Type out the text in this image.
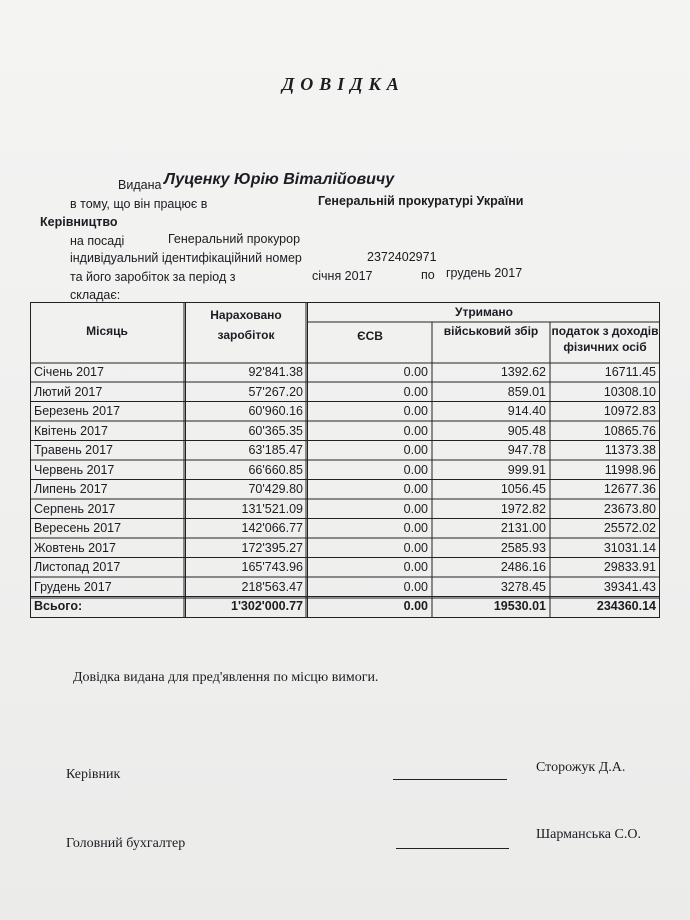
ДОВІДКА
Видана Луценку Юрію Віталійовичу
в тому, що він працює в	Генеральній прокуратурі України
Керівництво
на посаді	Генеральний прокурор
індивідуальний ідентифікаційний номер	2372402971
та його заробіток за період з	січня 2017	по грудень 2017
складає:
Місяць
Нараховано
заробіток
Утримано
ЄСВ	військовий збір	податок з доходів
фізичних осіб
Січень 2017	92'841.38	0.00	1392.62	16711.45
Лютий 2017	57'267.20	0.00	859.01	10308.10
Березень 2017	60'960.16	0.00	914.40	10972.83
Квітень 2017	60'365.35	0.00	905.48	10865.76
Травень 2017	63'185.47	0.00	947.78	11373.38
Червень 2017	66'660.85	0.00	999.91	11998.96
Липень 2017	70'429.80	0.00	1056.45	12677.36
Серпень 2017	131'521.09	0.00	1972.82	23673.80
Вересень 2017	142'066.77	0.00	2131.00	25572.02
Жовтень 2017	172'395.27	0.00	2585.93	31031.14
Листопад 2017	165'743.96	0.00	2486.16	29833.91
Грудень 2017	218'563.47	0.00	3278.45	39341.43
Всього:	1'302'000.77	0.00	19530.01	234360.14
Довідка видана для пред'явлення по місцю вимоги.
Керівник	Сторожук Д.А.
Головний бухгалтер
Шарманська С.О.
